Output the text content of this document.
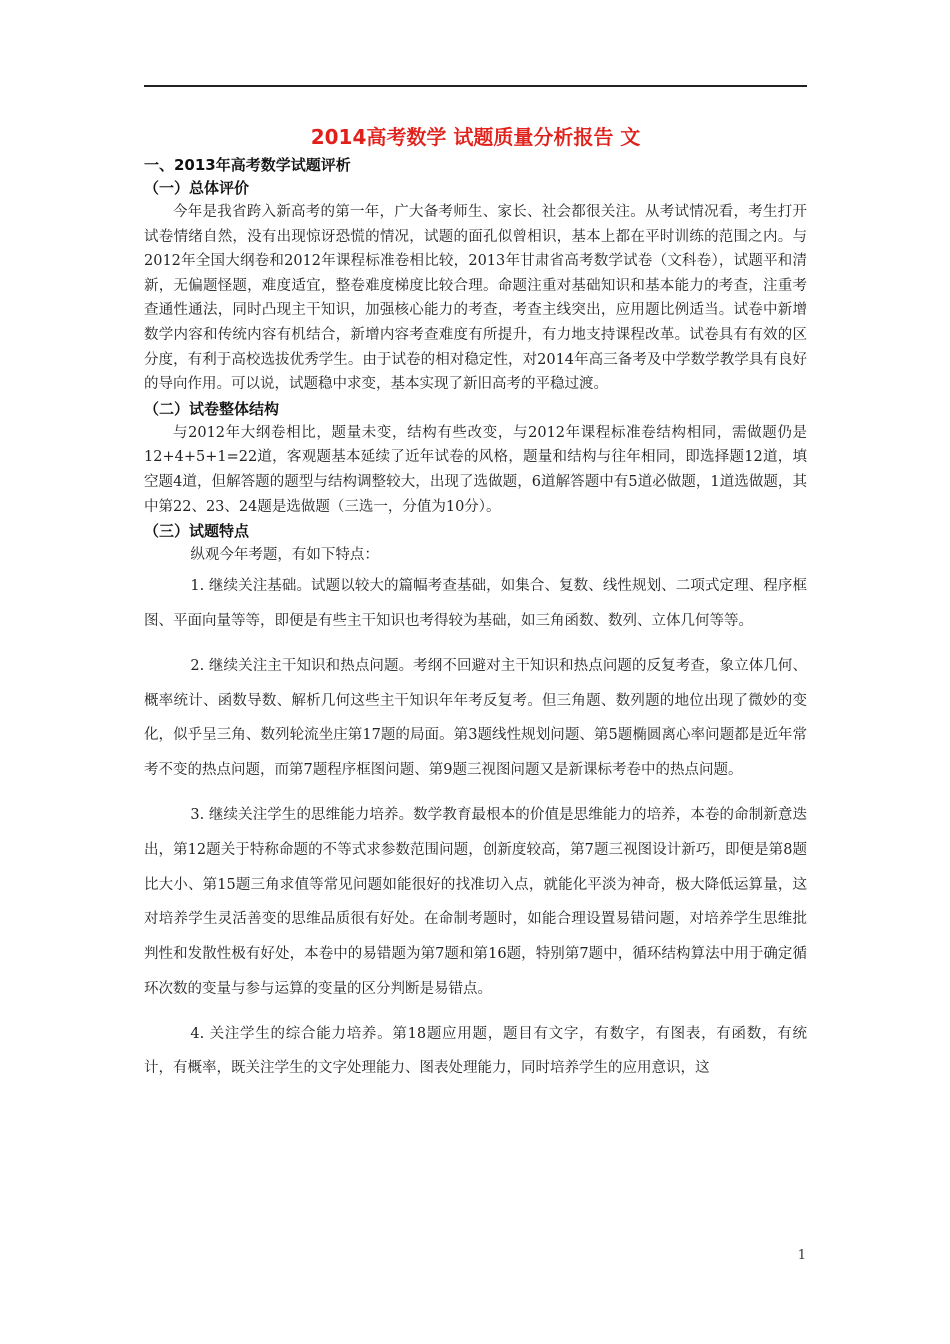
2014高考数学 试题质量分析报告 文
一、2013年高考数学试题评析
（一）总体评价

今年是我省跨入新高考的第一年，广大备考师生、家长、社会都很关注。从考试情况看，考生打开试卷情绪自然，没有出现惊讶恐慌的情况，试题的面孔似曾相识，基本上都在平时训练的范围之内。与2012年全国大纲卷和2012年课程标准卷相比较，2013年甘肃省高考数学试卷（文科卷），试题平和清新，无偏题怪题，难度适宜，整卷难度梯度比较合理。命题注重对基础知识和基本能力的考查，注重考查通性通法，同时凸现主干知识，加强核心能力的考查，考查主线突出，应用题比例适当。试卷中新增数学内容和传统内容有机结合，新增内容考查难度有所提升，有力地支持课程改革。试卷具有有效的区分度，有利于高校选拔优秀学生。由于试卷的相对稳定性，对2014年高三备考及中学数学教学具有良好的导向作用。可以说，试题稳中求变，基本实现了新旧高考的平稳过渡。

（二）试卷整体结构

与2012年大纲卷相比，题量未变，结构有些改变，与2012年课程标准卷结构相同，需做题仍是12+4+5+1=22道，客观题基本延续了近年试卷的风格，题量和结构与往年相同，即选择题12道，填空题4道，但解答题的题型与结构调整较大，出现了选做题，6道解答题中有5道必做题，1道选做题，其中第22、23、24题是选做题（三选一，分值为10分）。

（三）试题特点

纵观今年考题，有如下特点：

1. 继续关注基础。试题以较大的篇幅考查基础，如集合、复数、线性规划、二项式定理、程序框图、平面向量等等，即便是有些主干知识也考得较为基础，如三角函数、数列、立体几何等等。

2. 继续关注主干知识和热点问题。考纲不回避对主干知识和热点问题的反复考查，象立体几何、概率统计、函数导数、解析几何这些主干知识年年考反复考。但三角题、数列题的地位出现了微妙的变化，似乎呈三角、数列轮流坐庄第17题的局面。第3题线性规划问题、第5题椭圆离心率问题都是近年常考不变的热点问题，而第7题程序框图问题、第9题三视图问题又是新课标考卷中的热点问题。

3. 继续关注学生的思维能力培养。数学教育最根本的价值是思维能力的培养，本卷的命制新意迭出，第12题关于特称命题的不等式求参数范围问题，创新度较高，第7题三视图设计新巧，即便是第8题比大小、第15题三角求值等常见问题如能很好的找准切入点，就能化平淡为神奇，极大降低运算量，这对培养学生灵活善变的思维品质很有好处。在命制考题时，如能合理设置易错问题，对培养学生思维批判性和发散性极有好处，本卷中的易错题为第7题和第16题，特别第7题中，循环结构算法中用于确定循环次数的变量与参与运算的变量的区分判断是易错点。

4. 关注学生的综合能力培养。第18题应用题，题目有文字，有数字，有图表，有函数，有统计，有概率，既关注学生的文字处理能力、图表处理能力，同时培养学生的应用意识，这

1
